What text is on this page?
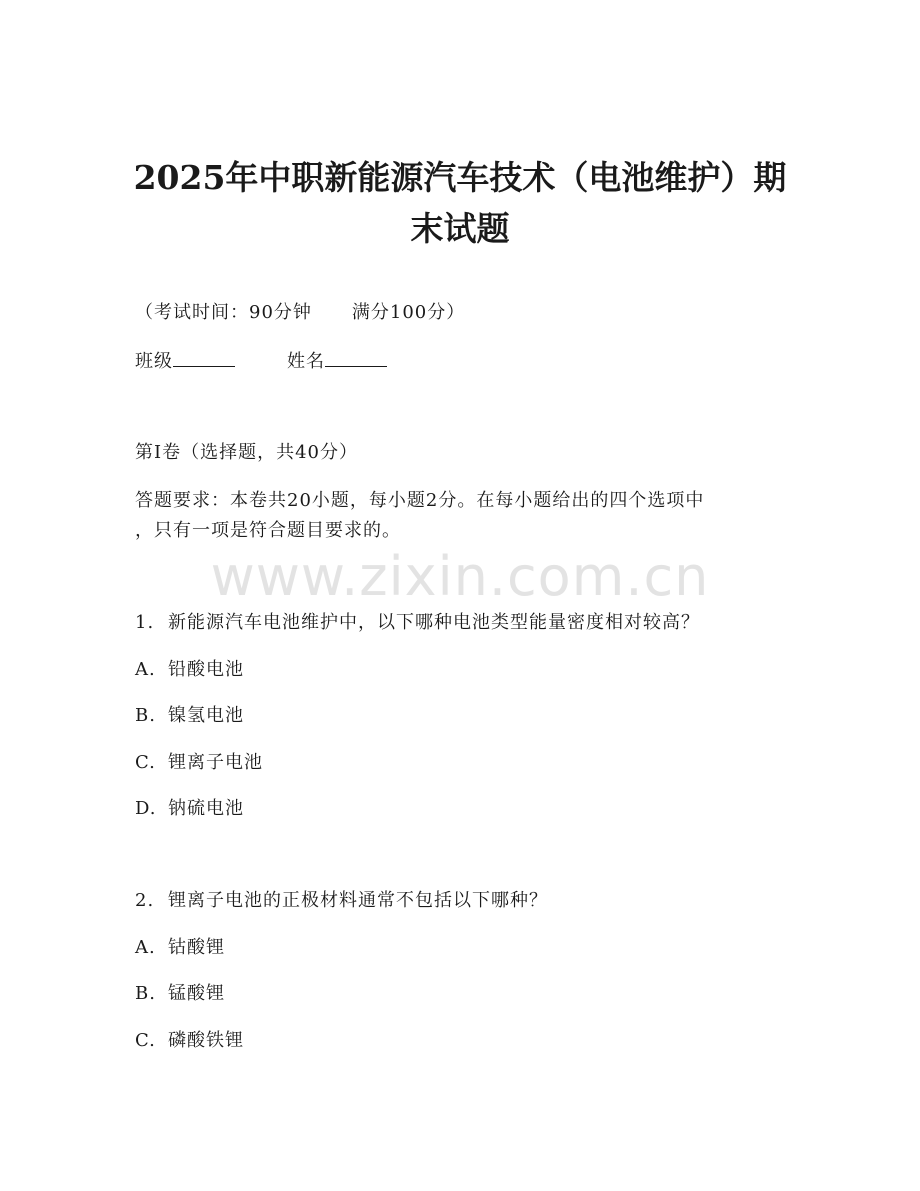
2025年中职新能源汽车技术（电池维护）期
末试题
（考试时间：90分钟 满分100分）
班级	姓名
第I卷（选择题，共40分）
答题要求：本卷共20小题，每小题2分。在每小题给出的四个选项中
，只有一项是符合题目要求的。
www.zixin.com.cn
1. 新能源汽车电池维护中，以下哪种电池类型能量密度相对较高？
A. 铅酸电池
B. 镍氢电池
C. 锂离子电池
D. 钠硫电池
2. 锂离子电池的正极材料通常不包括以下哪种？
A. 钴酸锂
B. 锰酸锂
C. 磷酸铁锂
